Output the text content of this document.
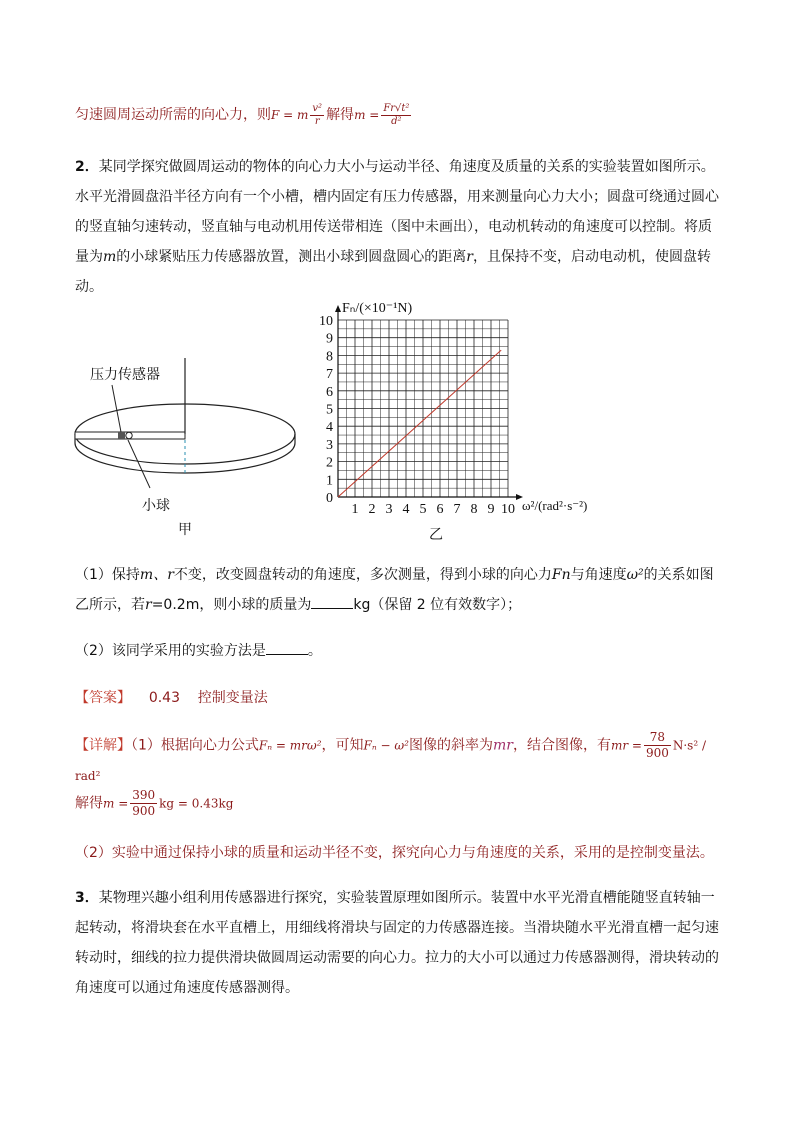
匀速圆周运动所需的向心力，则F = m $\frac{\text{v²}}{r}$ 解得$m = \frac{\text{Fr√t²}}{\text{d²}}$

2．某同学探究做圆周运动的物体的向心力大小与运动半径、角速度及质量的关系的实验装置如图所示。水平光滑圆盘沿半径方向有一个小槽，槽内固定有压力传感器，用来测量向心力大小；圆盘可绕通过圆心的竖直轴匀速转动，竖直轴与电动机用传送带相连（图中未画出），电动机转动的角速度可以控制。将质量为m的小球紧贴压力传感器放置，测出小球到圆盘圆心的距离r，且保持不变，启动电动机，使圆盘转动。

压力传感器
小球
甲
1 2 3 4 5 6 7 8 9 10
0
1
2
3
4
5
6
7
8
9
10
Fₙ/(×10⁻¹N)
ω²/(rad²·s⁻²)
乙

（1）保持m、r不变，改变圆盘转动的角速度，多次测量，得到小球的向心力Fn与角速度ω²的关系如图乙所示，若r=0.2m，则小球的质量为	kg（保留 2 位有效数字）；

（2）该同学采用的实验方法是	。

【答案】 0.43 控制变量法

【详解】（1）根据向心力公式Fₙ = mrω²，可知Fₙ − ω²图像的斜率为mr，结合图像，有mr = $\frac{78}{900} N\cdot s^2 / rad^2$

解得$m = \frac{390}{900}$ kg = 0.43kg

（2）实验中通过保持小球的质量和运动半径不变，探究向心力与角速度的关系，采用的是控制变量法。

3．某物理兴趣小组利用传感器进行探究，实验装置原理如图所示。装置中水平光滑直槽能随竖直转轴一起转动，将滑块套在水平直槽上，用细线将滑块与固定的力传感器连接。当滑块随水平光滑直槽一起匀速转动时，细线的拉力提供滑块做圆周运动需要的向心力。拉力的大小可以通过力传感器测得，滑块转动的角速度可以通过角速度传感器测得。
